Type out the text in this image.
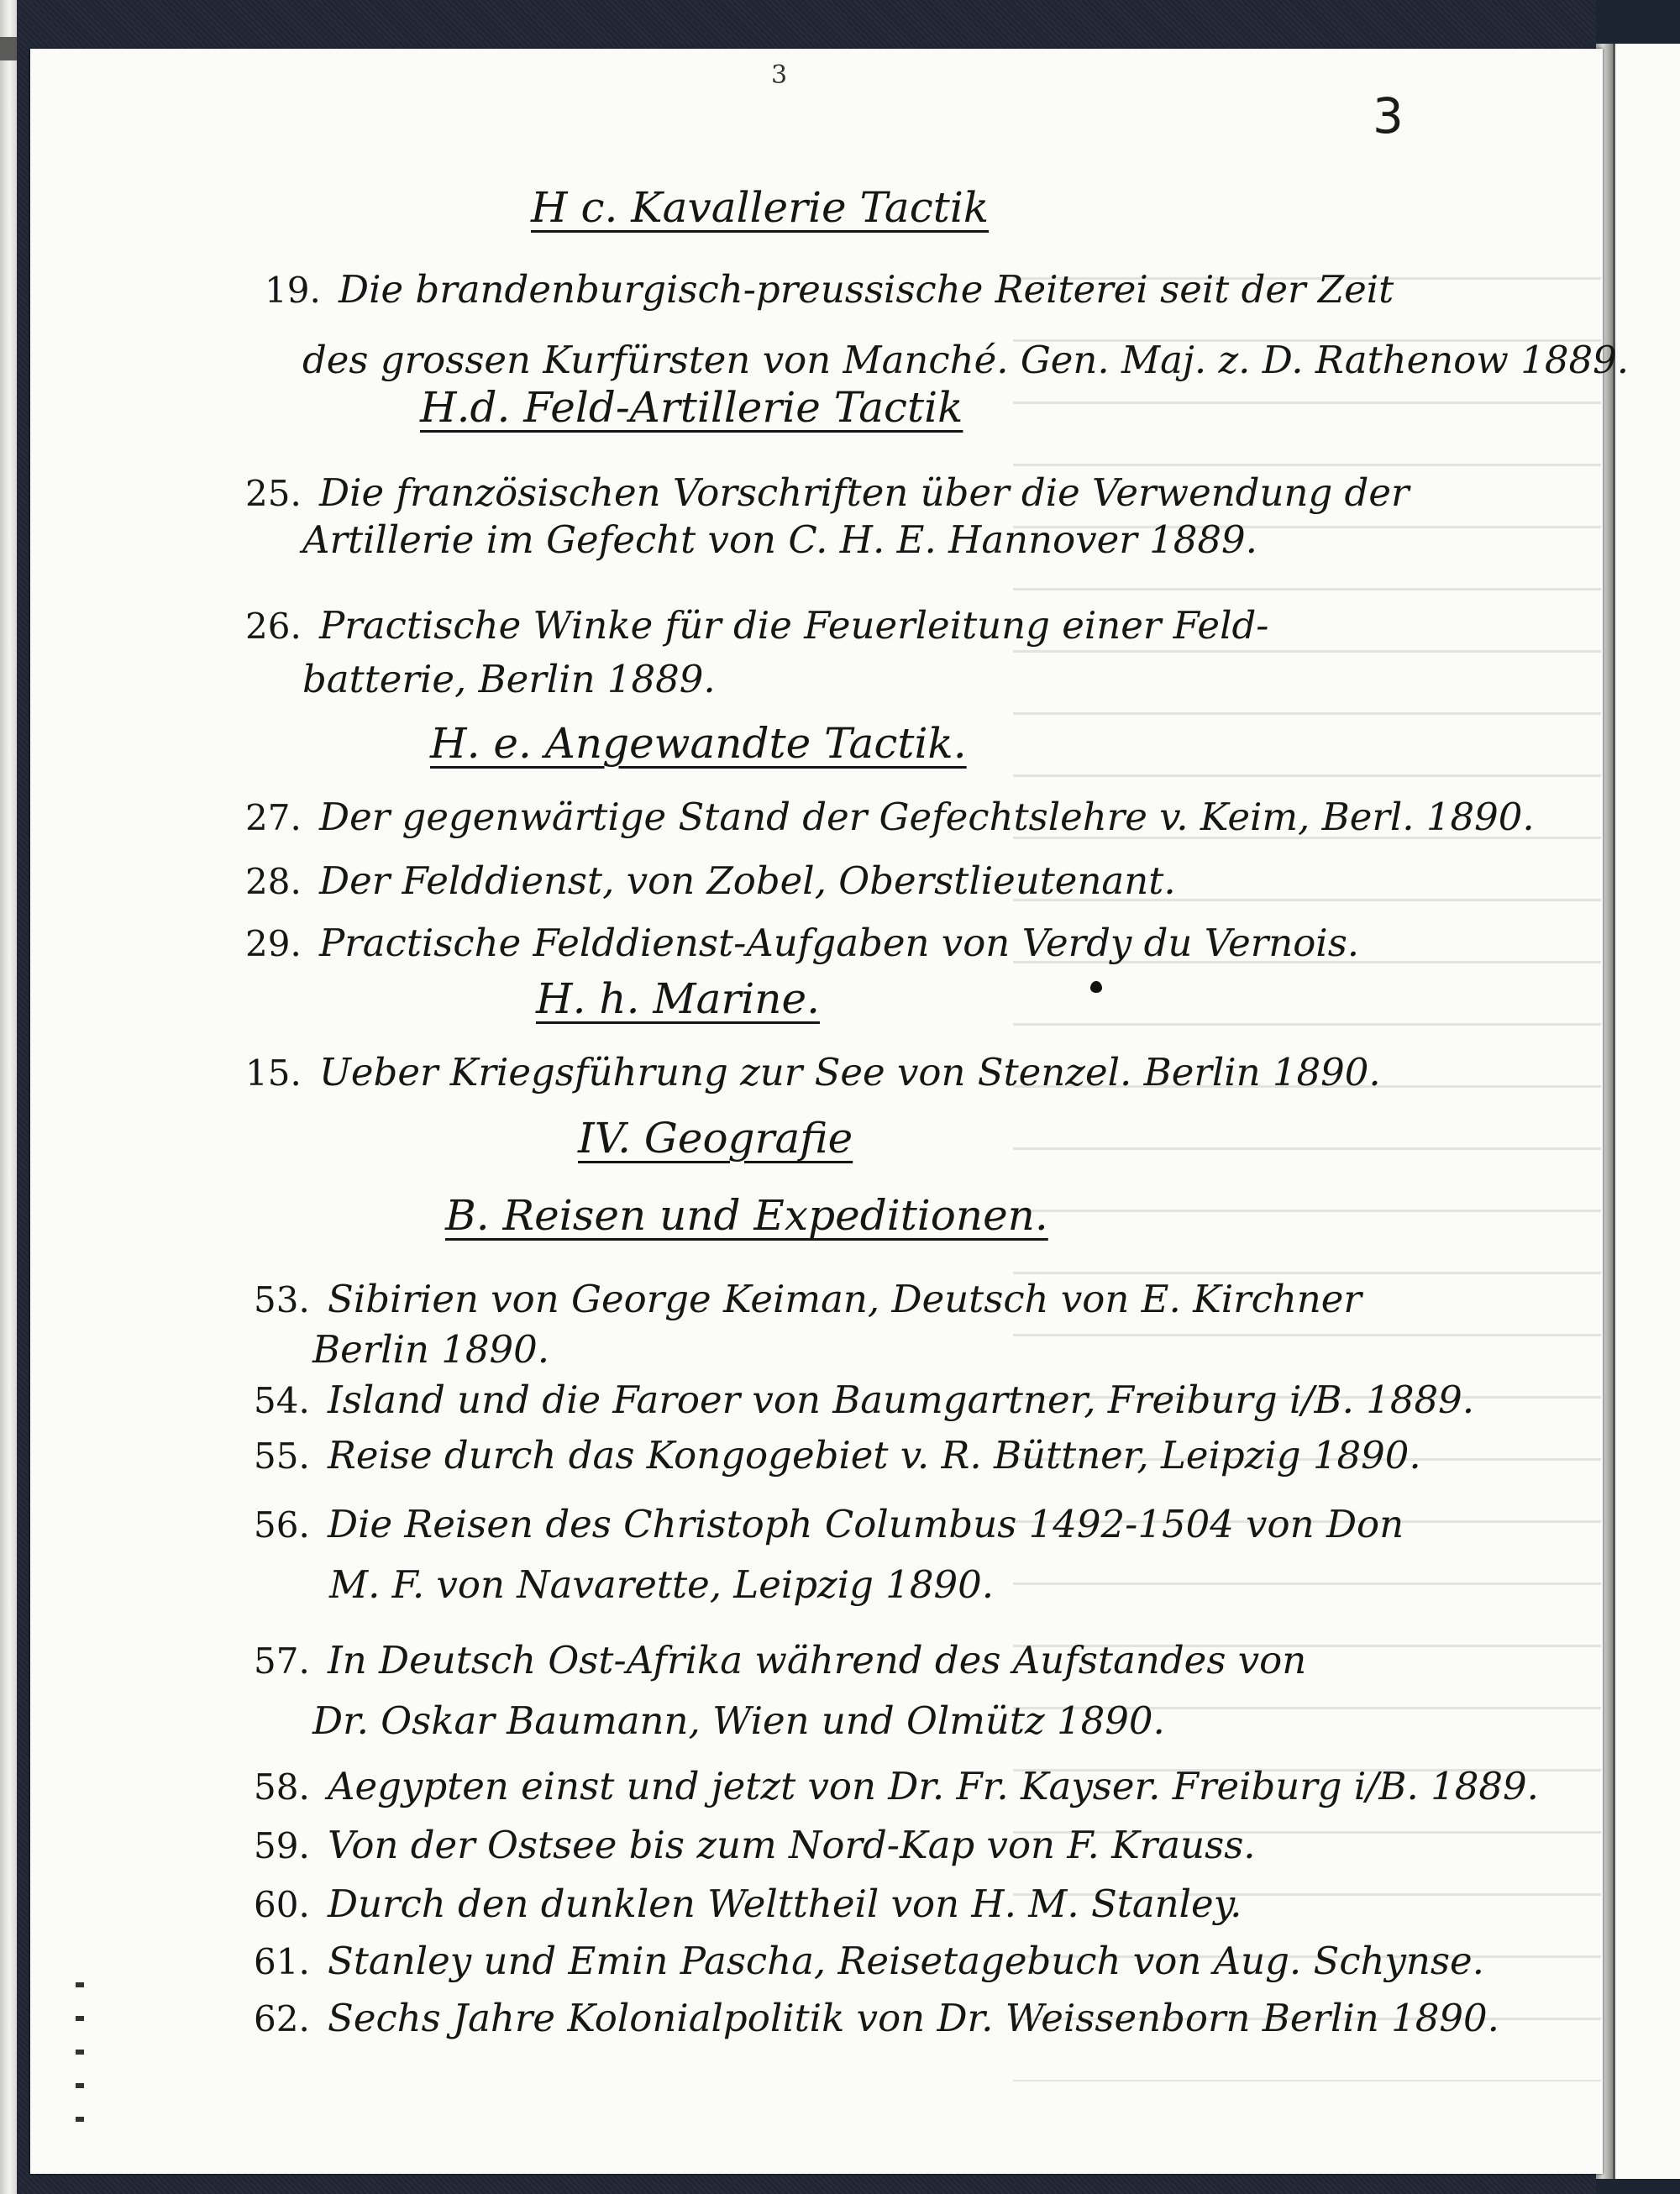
3
3
H c. Kavallerie Tactik
19. Die brandenburgisch-preussische Reiterei seit der Zeit
des grossen Kurfürsten von Manché. Gen. Maj. z. D. Rathenow 1889.
H.d. Feld-Artillerie Tactik
25. Die französischen Vorschriften über die Verwendung der
Artillerie im Gefecht von C. H. E. Hannover 1889.
26. Practische Winke für die Feuerleitung einer Feld-
batterie, Berlin 1889.
H. e. Angewandte Tactik.
27. Der gegenwärtige Stand der Gefechtslehre v. Keim, Berl. 1890.
28. Der Felddienst, von Zobel, Oberstlieutenant.
29. Practische Felddienst-Aufgaben von Verdy du Vernois.
H. h. Marine.
15. Ueber Kriegsführung zur See von Stenzel. Berlin 1890.
IV. Geografie
B. Reisen und Expeditionen.
53. Sibirien von George Keiman, Deutsch von E. Kirchner
Berlin 1890.
54. Island und die Faroer von Baumgartner, Freiburg i/B. 1889.
55. Reise durch das Kongogebiet v. R. Büttner, Leipzig 1890.
56. Die Reisen des Christoph Columbus 1492-1504 von Don
M. F. von Navarette, Leipzig 1890.
57. In Deutsch Ost-Afrika während des Aufstandes von
Dr. Oskar Baumann, Wien und Olmütz 1890.
58. Aegypten einst und jetzt von Dr. Fr. Kayser. Freiburg i/B. 1889.
59. Von der Ostsee bis zum Nord-Kap von F. Krauss.
60. Durch den dunklen Welttheil von H. M. Stanley.
61. Stanley und Emin Pascha, Reisetagebuch von Aug. Schynse.
62. Sechs Jahre Kolonialpolitik von Dr. Weissenborn Berlin 1890.
